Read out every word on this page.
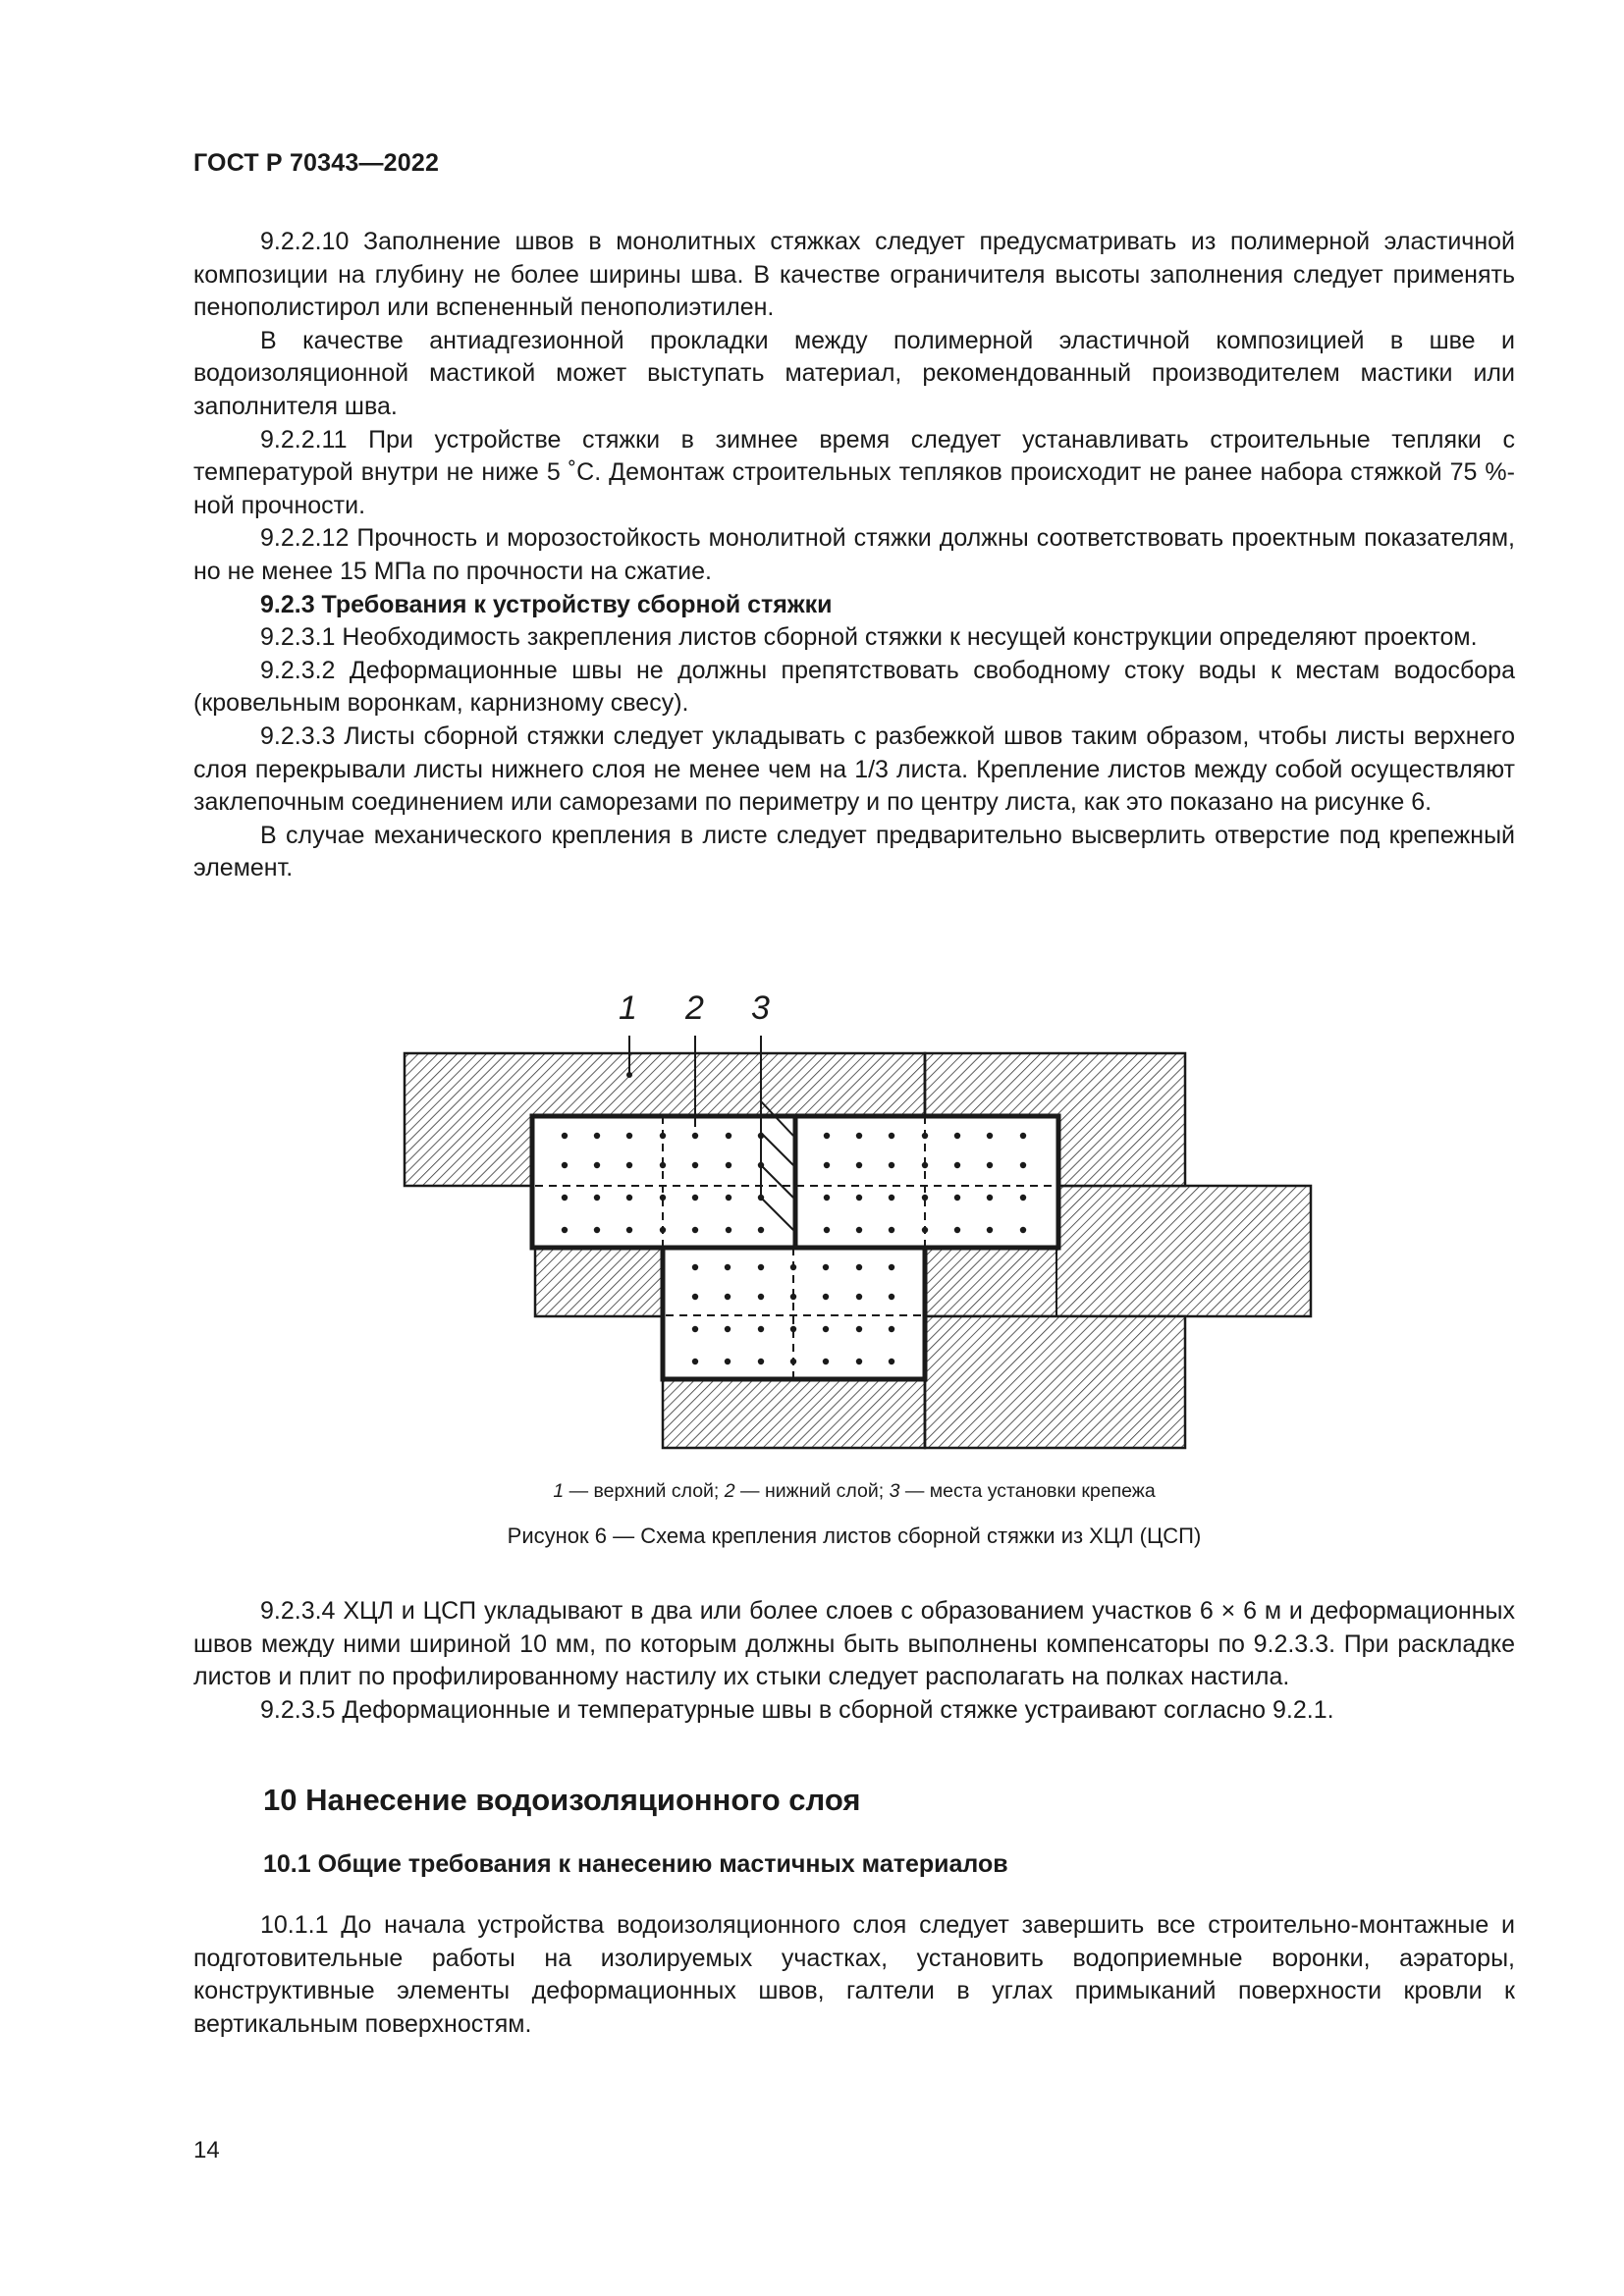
ГОСТ Р 70343—2022

9.2.2.10 Заполнение швов в монолитных стяжках следует предусматривать из полимерной эластичной композиции на глубину не более ширины шва. В качестве ограничителя высоты заполнения следует применять пенополистирол или вспененный пенополиэтилен.

В качестве антиадгезионной прокладки между полимерной эластичной композицией в шве и водоизоляционной мастикой может выступать материал, рекомендованный производителем мастики или заполнителя шва.

9.2.2.11 При устройстве стяжки в зимнее время следует устанавливать строительные тепляки с температурой внутри не ниже 5 ˚С. Демонтаж строительных тепляков происходит не ранее набора стяжкой 75 %-ной прочности.

9.2.2.12 Прочность и морозостойкость монолитной стяжки должны соответствовать проектным показателям, но не менее 15 МПа по прочности на сжатие.

9.2.3 Требования к устройству сборной стяжки

9.2.3.1 Необходимость закрепления листов сборной стяжки к несущей конструкции определяют проектом.

9.2.3.2 Деформационные швы не должны препятствовать свободному стоку воды к местам водосбора (кровельным воронкам, карнизному свесу).

9.2.3.3 Листы сборной стяжки следует укладывать с разбежкой швов таким образом, чтобы листы верхнего слоя перекрывали листы нижнего слоя не менее чем на 1/3 листа. Крепление листов между собой осуществляют заклепочным соединением или саморезами по периметру и по центру листа, как это показано на рисунке 6.

В случае механического крепления в листе следует предварительно высверлить отверстие под крепежный элемент.

1 2 3
1 — верхний слой; 2 — нижний слой; 3 — места установки крепежа
Рисунок 6 — Схема крепления листов сборной стяжки из ХЦЛ (ЦСП)

9.2.3.4 ХЦЛ и ЦСП укладывают в два или более слоев с образованием участков 6 × 6 м и деформационных швов между ними шириной 10 мм, по которым должны быть выполнены компенсаторы по 9.2.3.3. При раскладке листов и плит по профилированному настилу их стыки следует располагать на полках настила.

9.2.3.5 Деформационные и температурные швы в сборной стяжке устраивают согласно 9.2.1.

10 Нанесение водоизоляционного слоя
10.1 Общие требования к нанесению мастичных материалов

10.1.1 До начала устройства водоизоляционного слоя следует завершить все строительно-монтажные и подготовительные работы на изолируемых участках, установить водоприемные воронки, аэраторы, конструктивные элементы деформационных швов, галтели в углах примыканий поверхности кровли к вертикальным поверхностям.

14
